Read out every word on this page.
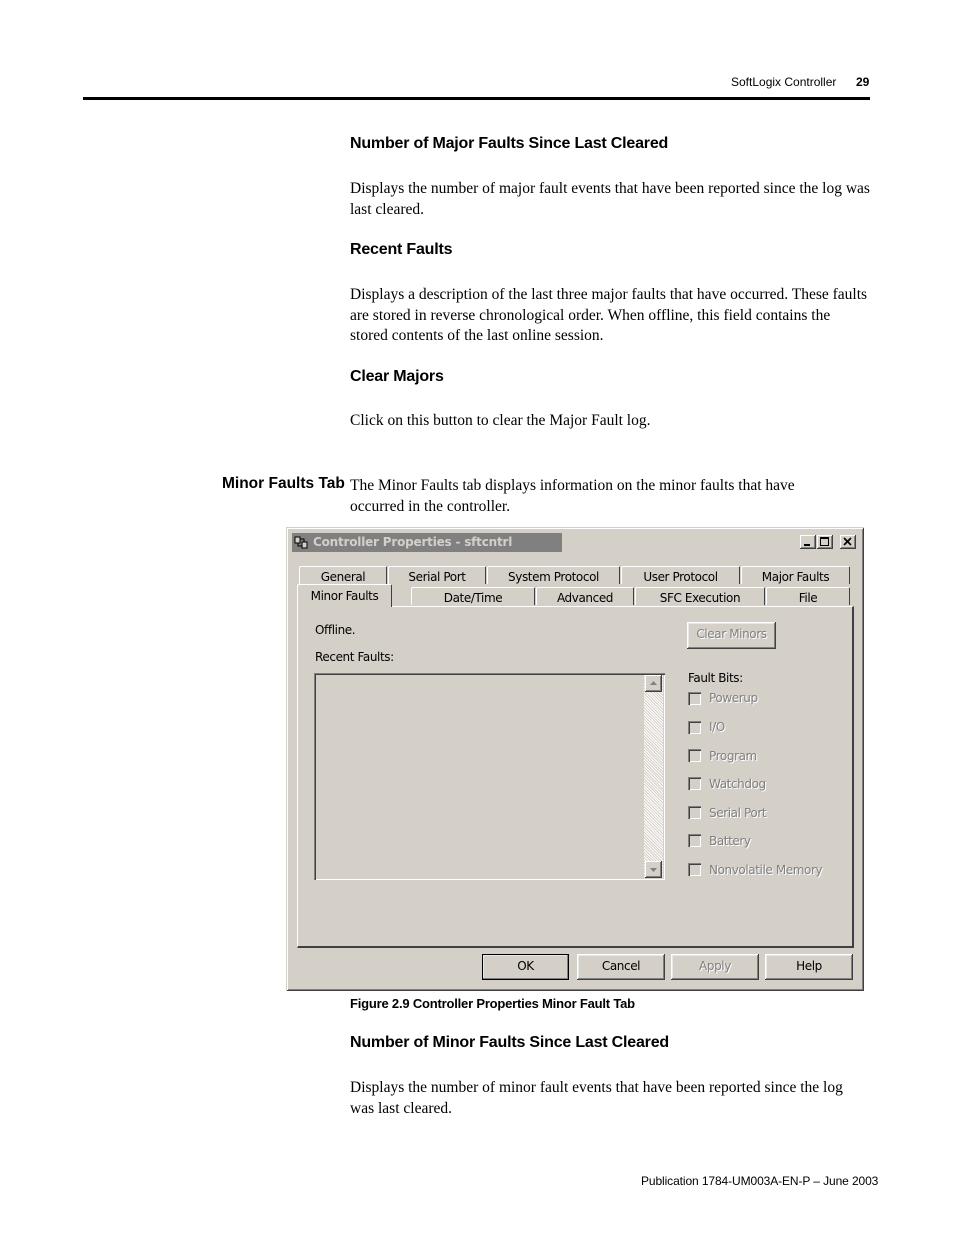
SoftLogix Controller 29
Number of Major Faults Since Last Cleared
Displays the number of major fault events that have been reported since the log was last cleared.
Recent Faults
Displays a description of the last three major faults that have occurred. These faults are stored in reverse chronological order. When offline, this field contains the stored contents of the last online session.
Clear Majors
Click on this button to clear the Major Fault log.
Minor Faults Tab The Minor Faults tab displays information on the minor faults that have occurred in the controller.
Controller Properties - sftcntrl
General	Serial Port	System Protocol	User Protocol	Major Faults
Date/Time	Advanced	SFC Execution	File
Minor Faults
Offline.
Recent Faults:
Clear Minors
Fault Bits:
Powerup
I/O
Program
Watchdog
Serial Port
Battery
Nonvolatile Memory
OK	Cancel	Apply	Help
Figure 2.9 Controller Properties Minor Fault Tab
Number of Minor Faults Since Last Cleared
Displays the number of minor fault events that have been reported since the log was last cleared.
Publication 1784-UM003A-EN-P – June 2003
